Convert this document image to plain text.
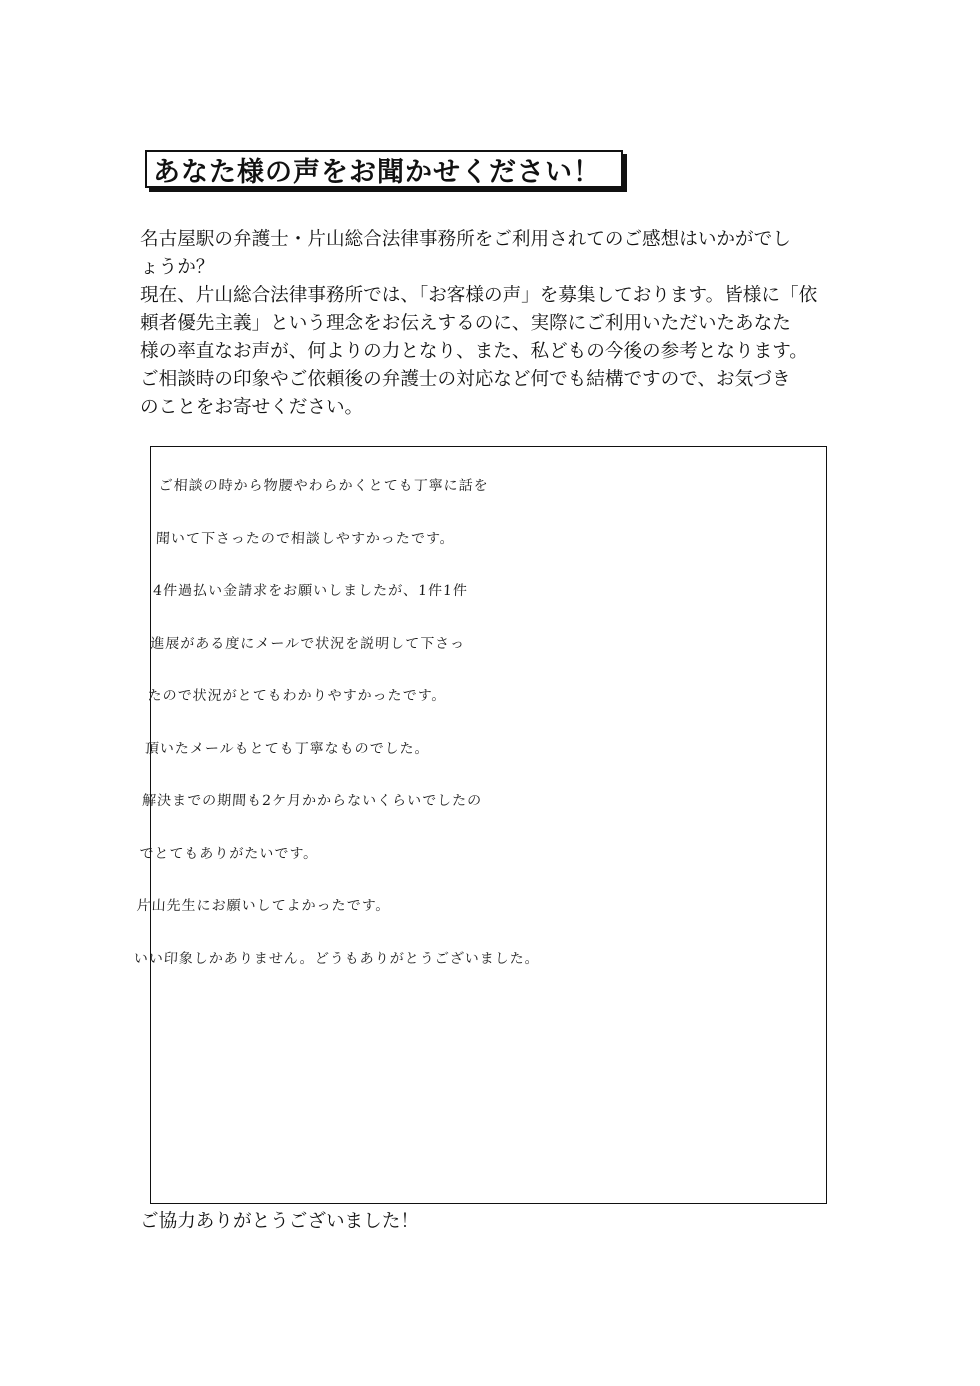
あなた様の声をお聞かせください！

名古屋駅の弁護士・片山総合法律事務所をご利用されてのご感想はいかがでし

ょうか？

現在、片山総合法律事務所では、「お客様の声」を募集しております。皆様に「依

頼者優先主義」という理念をお伝えするのに、実際にご利用いただいたあなた

様の率直なお声が、何よりの力となり、また、私どもの今後の参考となります。

ご相談時の印象やご依頼後の弁護士の対応など何でも結構ですので、お気づき

のことをお寄せください。

ご相談の時から物腰やわらかくとても丁寧に話を
聞いて下さったので相談しやすかったです。
4件過払い金請求をお願いしましたが、1件1件
進展がある度にメールで状況を説明して下さっ
たので状況がとてもわかりやすかったです。
頂いたメールもとても丁寧なものでした。
解決までの期間も2ケ月かからないくらいでしたの
でとてもありがたいです。
片山先生にお願いしてよかったです。
いい印象しかありません。どうもありがとうございました。
ご協力ありがとうございました！
